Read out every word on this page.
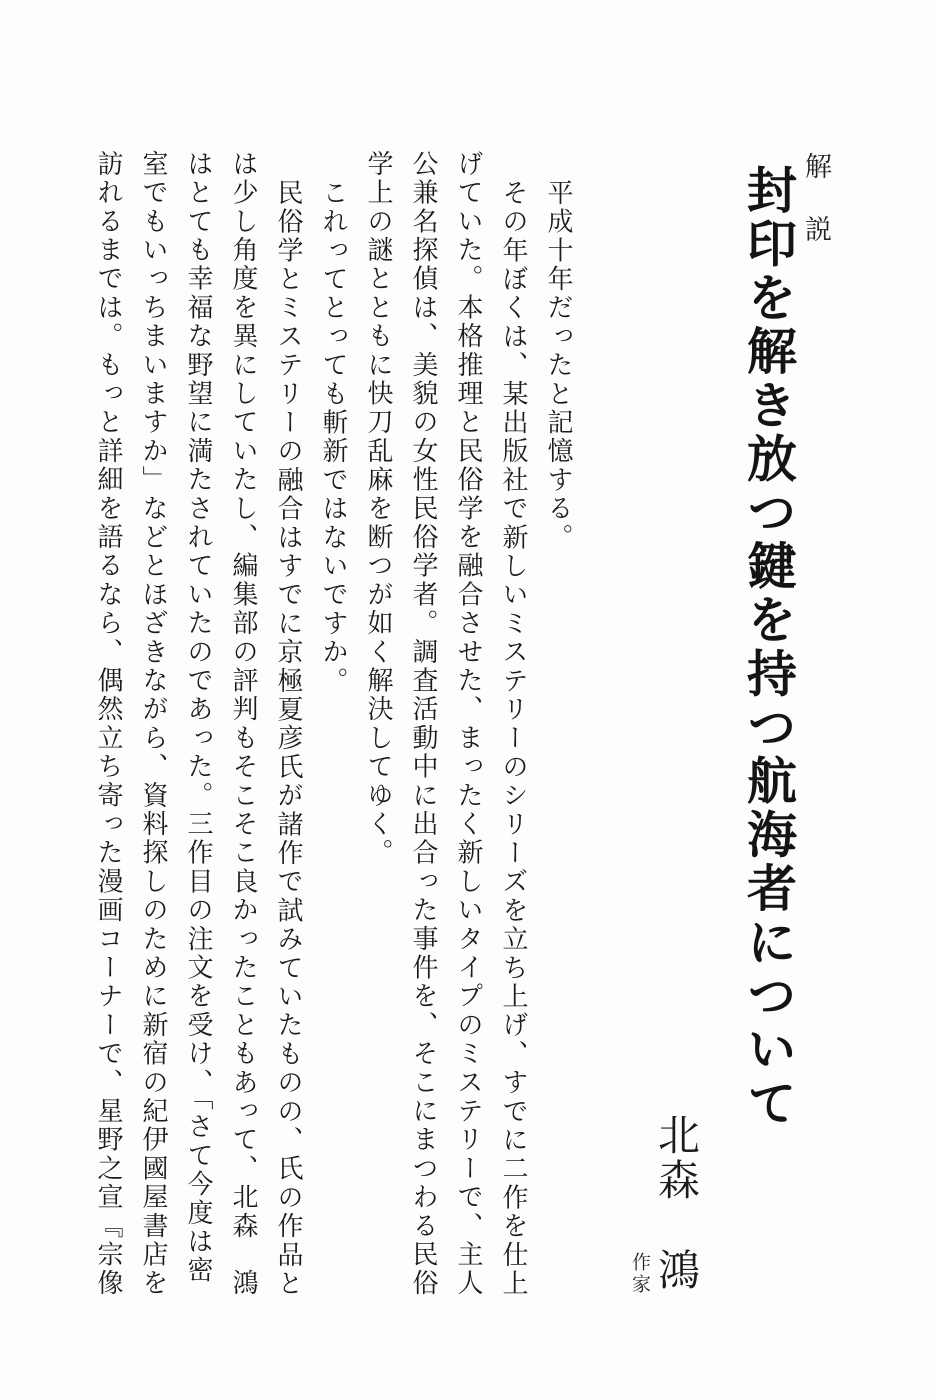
解説
封印を解き放つ鍵を持つ航海者について
北森　鴻
作家

平成十年だったと記憶する。

その年ぼくは、某出版社で新しいミステリーのシリーズを立ち上げ、すでに二作を仕上げていた。本格推理と民俗学を融合させた、まったく新しいタイプのミステリーで、主人公兼名探偵は、美貌の女性民俗学者。調査活動中に出合った事件を、そこにまつわる民俗学上の謎とともに快刀乱麻を断つが如く解決してゆく。

これってとっても斬新ではないですか。

民俗学とミステリーの融合はすでに京極夏彦氏が諸作で試みていたものの、氏の作品とは少し角度を異にしていたし、編集部の評判もそこそこ良かったこともあって、北森　鴻はとても幸福な野望に満たされていたのであった。三作目の注文を受け、「さて今度は密室でもいっちまいますか」などとほざきながら、資料探しのために新宿の紀伊國屋書店を訪れるまでは。もっと詳細を語るなら、偶然立ち寄った漫画コーナーで、星野之宣『宗像
